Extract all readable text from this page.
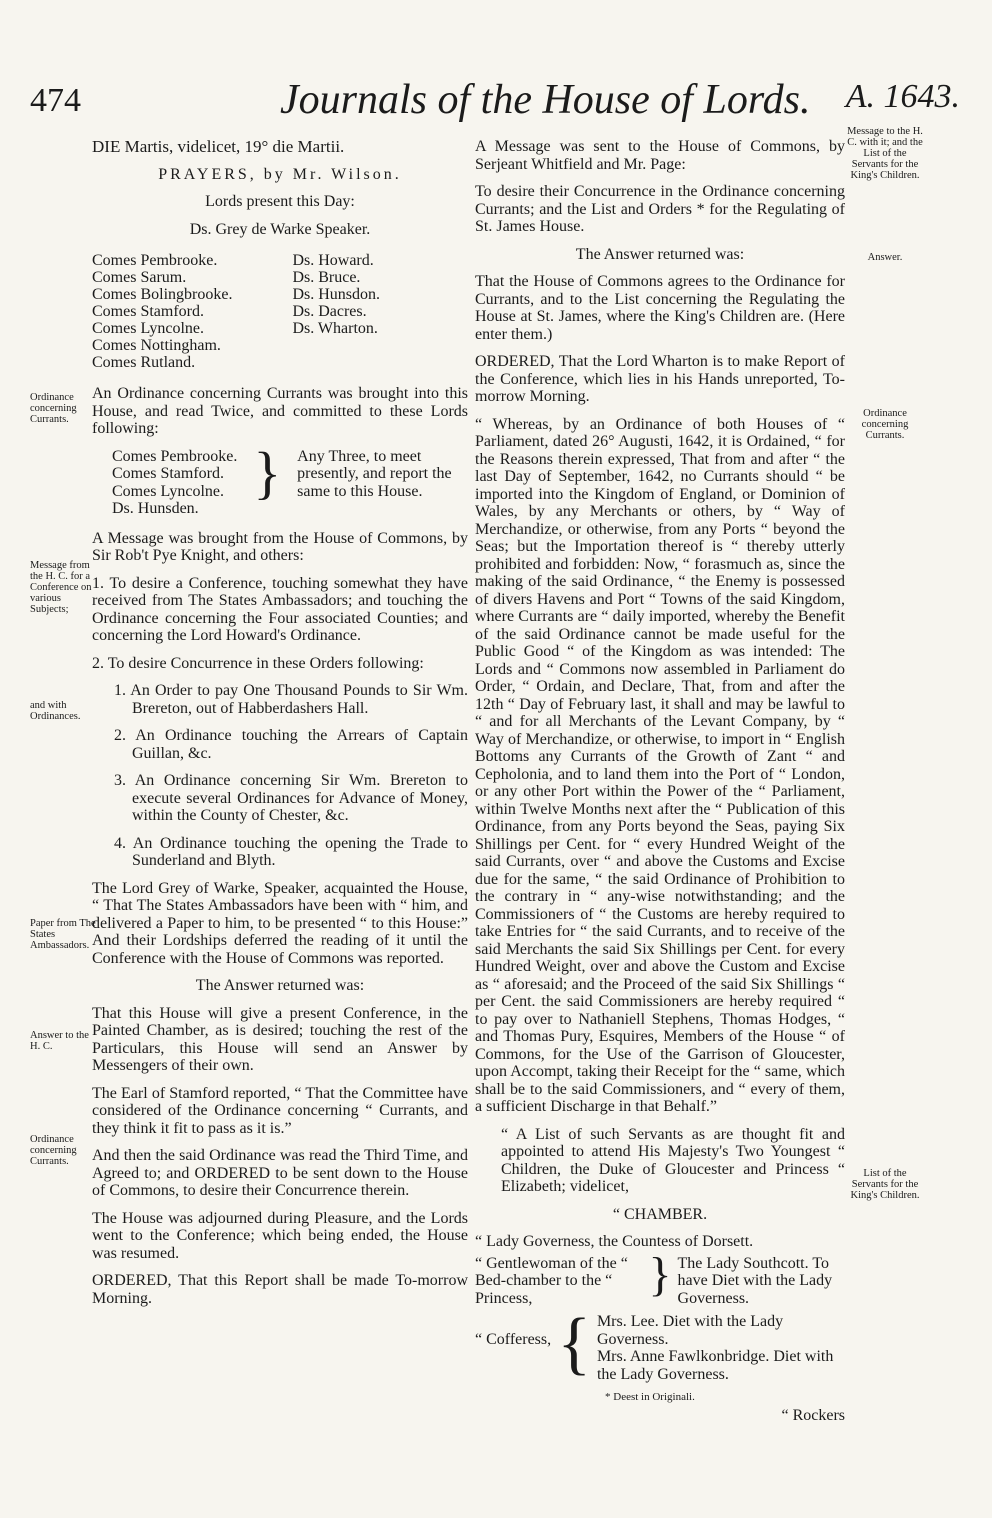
474	Journals of the House of Lords. A. 1643.
Ordinance concerning Currants.
Message from the H. C. for a Conference on various Subjects;
and with Ordinances.
Paper from The States Ambassadors.
Answer to the H. C.
Ordinance concerning Currants.
Message to the H. C. with it; and the List of the Servants for the King's Children.
Answer.
Ordinance concerning Currants.
List of the Servants for the King's Children.

DIE Martis, videlicet, 19° die Martii.

PRAYERS, by Mr. Wilson.

Lords present this Day:

Ds. Grey de Warke Speaker.

Comes Pembrooke.
Comes Sarum.
Comes Bolingbrooke.
Comes Stamford.
Comes Lyncolne.
Comes Nottingham.
Comes Rutland.
Ds. Howard.
Ds. Bruce.
Ds. Hunsdon.
Ds. Dacres.
Ds. Wharton.

An Ordinance concerning Currants was brought into this House, and read Twice, and committed to these Lords following:

Comes Pembrooke.
Comes Stamford.
Comes Lyncolne.
Ds. Hunsden.
} Any Three, to meet presently, and report the same to this House.

A Message was brought from the House of Commons, by Sir Rob't Pye Knight, and others:

1. To desire a Conference, touching somewhat they have received from The States Ambassadors; and touching the Ordinance concerning the Four associated Counties; and concerning the Lord Howard's Ordinance.

2. To desire Concurrence in these Orders following:

1. An Order to pay One Thousand Pounds to Sir Wm. Brereton, out of Habberdashers Hall.

2. An Ordinance touching the Arrears of Captain Guillan, &c.

3. An Ordinance concerning Sir Wm. Brereton to execute several Ordinances for Advance of Money, within the County of Chester, &c.

4. An Ordinance touching the opening the Trade to Sunderland and Blyth.

The Lord Grey of Warke, Speaker, acquainted the House, “ That The States Ambassadors have been with “ him, and delivered a Paper to him, to be presented “ to this House:” And their Lordships deferred the reading of it until the Conference with the House of Commons was reported.

The Answer returned was:

That this House will give a present Conference, in the Painted Chamber, as is desired; touching the rest of the Particulars, this House will send an Answer by Messengers of their own.

The Earl of Stamford reported, “ That the Committee have considered of the Ordinance concerning “ Currants, and they think it fit to pass as it is.”

And then the said Ordinance was read the Third Time, and Agreed to; and ORDERED to be sent down to the House of Commons, to desire their Concurrence therein.

The House was adjourned during Pleasure, and the Lords went to the Conference; which being ended, the House was resumed.

ORDERED, That this Report shall be made To-morrow Morning.

A Message was sent to the House of Commons, by Serjeant Whitfield and Mr. Page:

To desire their Concurrence in the Ordinance concerning Currants; and the List and Orders * for the Regulating of St. James House.

The Answer returned was:

That the House of Commons agrees to the Ordinance for Currants, and to the List concerning the Regulating the House at St. James, where the King's Children are. (Here enter them.)

ORDERED, That the Lord Wharton is to make Report of the Conference, which lies in his Hands unreported, To-morrow Morning.

“ Whereas, by an Ordinance of both Houses of “ Parliament, dated 26° Augusti, 1642, it is Ordained, “ for the Reasons therein expressed, That from and after “ the last Day of September, 1642, no Currants should “ be imported into the Kingdom of England, or Dominion of Wales, by any Merchants or others, by “ Way of Merchandize, or otherwise, from any Ports “ beyond the Seas; but the Importation thereof is “ thereby utterly prohibited and forbidden: Now, “ forasmuch as, since the making of the said Ordinance, “ the Enemy is possessed of divers Havens and Port “ Towns of the said Kingdom, where Currants are “ daily imported, whereby the Benefit of the said Ordinance cannot be made useful for the Public Good “ of the Kingdom as was intended: The Lords and “ Commons now assembled in Parliament do Order, “ Ordain, and Declare, That, from and after the 12th “ Day of February last, it shall and may be lawful to “ and for all Merchants of the Levant Company, by “ Way of Merchandize, or otherwise, to import in “ English Bottoms any Currants of the Growth of Zant “ and Cepholonia, and to land them into the Port of “ London, or any other Port within the Power of the “ Parliament, within Twelve Months next after the “ Publication of this Ordinance, from any Ports beyond the Seas, paying Six Shillings per Cent. for “ every Hundred Weight of the said Currants, over “ and above the Customs and Excise due for the same, “ the said Ordinance of Prohibition to the contrary in “ any-wise notwithstanding; and the Commissioners of “ the Customs are hereby required to take Entries for “ the said Currants, and to receive of the said Merchants the said Six Shillings per Cent. for every Hundred Weight, over and above the Custom and Excise as “ aforesaid; and the Proceed of the said Six Shillings “ per Cent. the said Commissioners are hereby required “ to pay over to Nathaniell Stephens, Thomas Hodges, “ and Thomas Pury, Esquires, Members of the House “ of Commons, for the Use of the Garrison of Gloucester, upon Accompt, taking their Receipt for the “ same, which shall be to the said Commissioners, and “ every of them, a sufficient Discharge in that Behalf.”

“ A List of such Servants as are thought fit and appointed to attend His Majesty's Two Youngest “ Children, the Duke of Gloucester and Princess “ Elizabeth; videlicet,

“ CHAMBER.

“ Lady Governess, the Countess of Dorsett.

“ Gentlewoman of the “ Bed-chamber to the “ Princess,	} The Lady Southcott. To have Diet with the Lady Governess.
“ Cofferess, { Mrs. Lee. Diet with the Lady Governess.
Mrs. Anne Fawlkonbridge. Diet with the Lady Governess.
* Deest in Originali.
“ Rockers
